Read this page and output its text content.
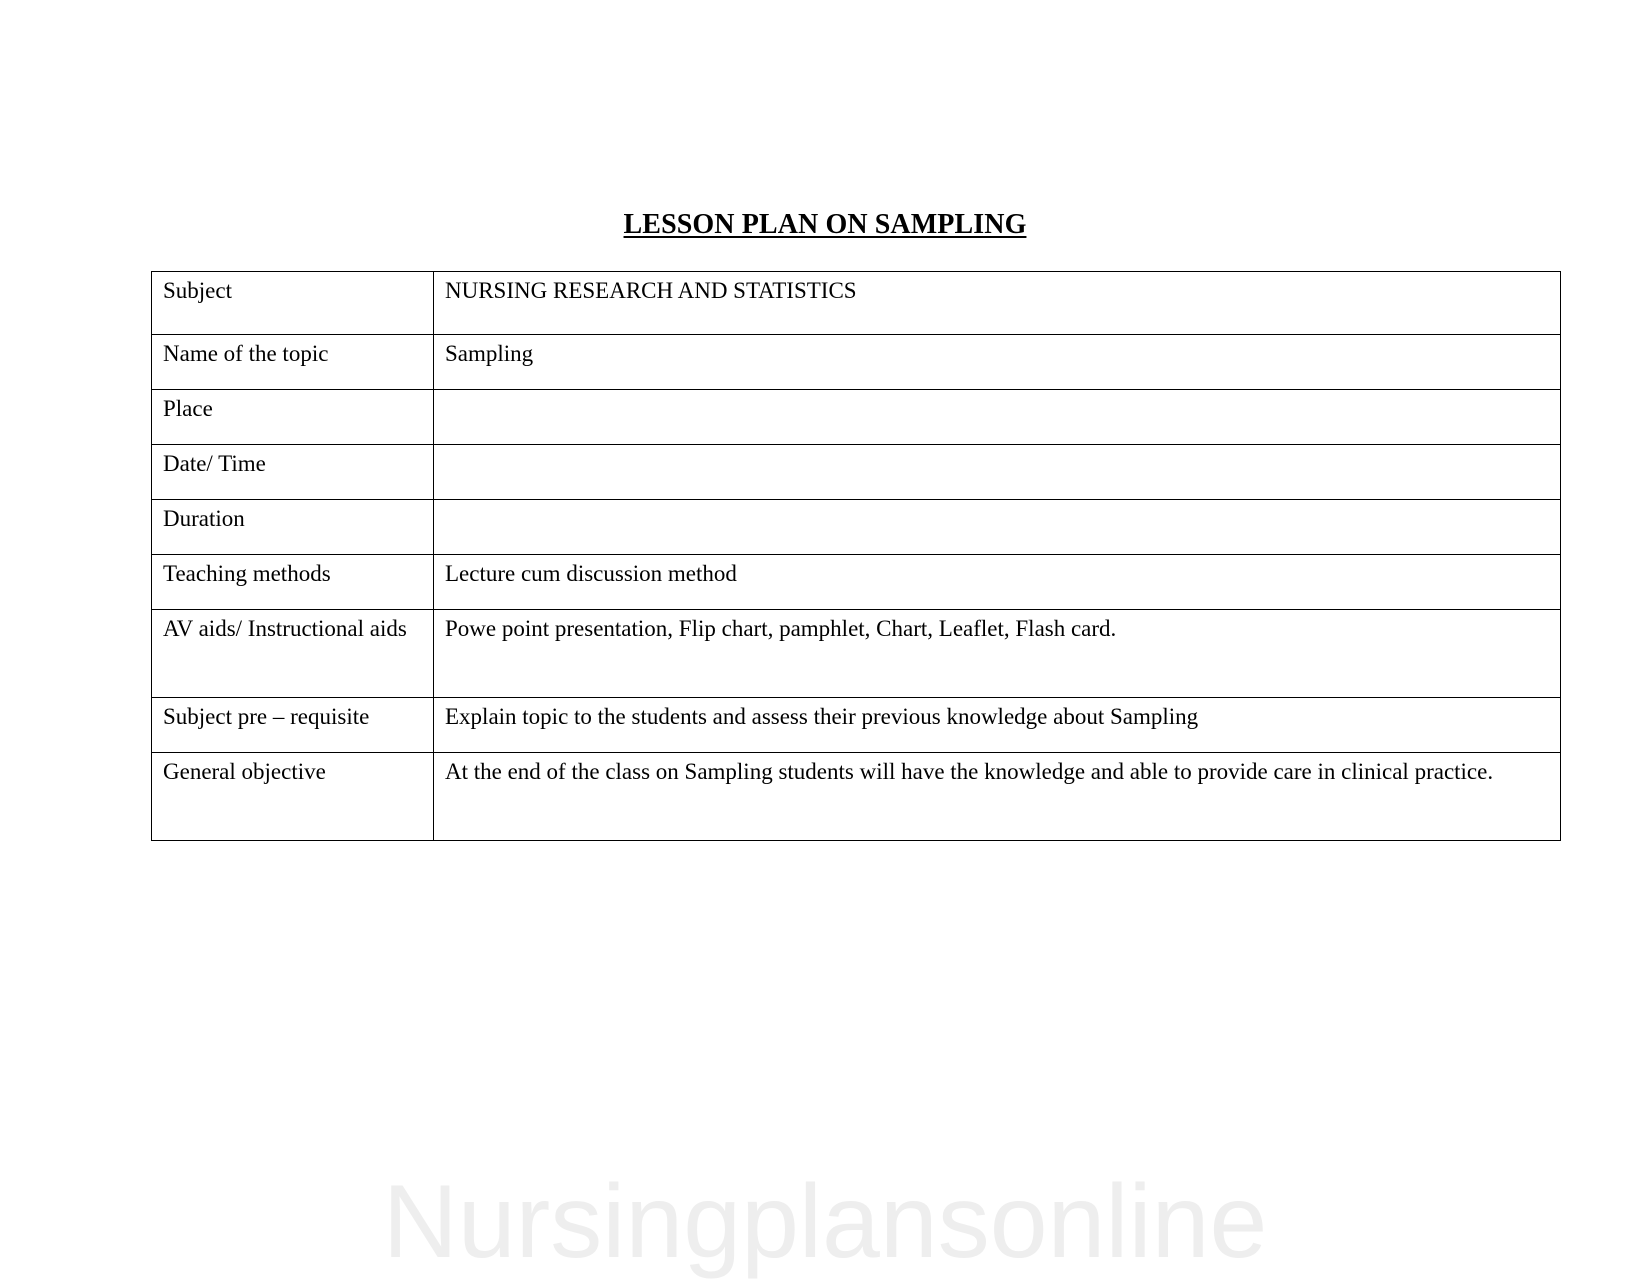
LESSON PLAN ON SAMPLING
Subject	NURSING RESEARCH AND STATISTICS
Name of the topic	Sampling
Place	
Date/ Time	
Duration	
Teaching methods	Lecture cum discussion method
AV aids/ Instructional aids	Powe point presentation, Flip chart, pamphlet, Chart, Leaflet, Flash card.
Subject pre – requisite	Explain topic to the students and assess their previous knowledge about Sampling
General objective	At the end of the class on Sampling students will have the knowledge and able to provide care in clinical practice.
Nursingplansonline
